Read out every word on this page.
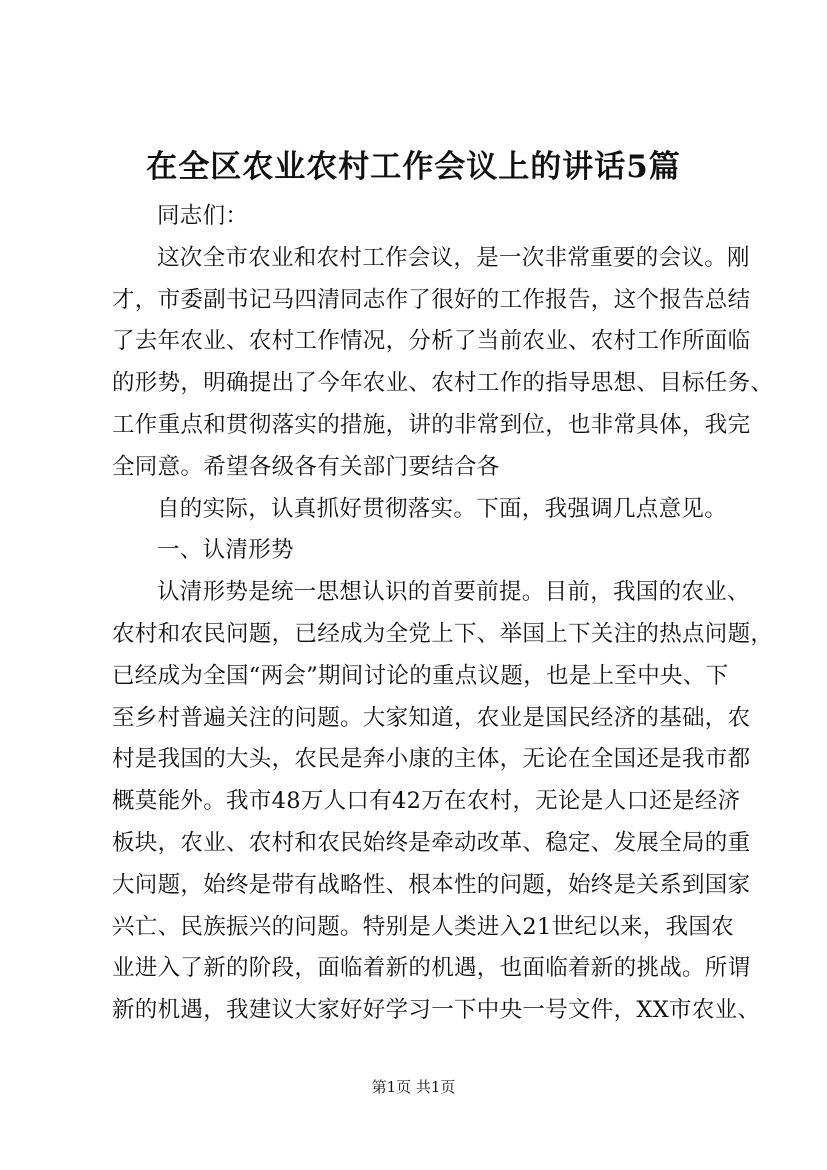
在全区农业农村工作会议上的讲话5篇
同志们：
这次全市农业和农村工作会议，是一次非常重要的会议。刚
才，市委副书记马四清同志作了很好的工作报告，这个报告总结
了去年农业、农村工作情况，分析了当前农业、农村工作所面临
的形势，明确提出了今年农业、农村工作的指导思想、目标任务、
工作重点和贯彻落实的措施，讲的非常到位，也非常具体，我完
全同意。希望各级各有关部门要结合各
自的实际，认真抓好贯彻落实。下面，我强调几点意见。
一、认清形势
认清形势是统一思想认识的首要前提。目前，我国的农业、
农村和农民问题，已经成为全党上下、举国上下关注的热点问题，
已经成为全国“两会”期间讨论的重点议题，也是上至中央、下
至乡村普遍关注的问题。大家知道，农业是国民经济的基础，农
村是我国的大头，农民是奔小康的主体，无论在全国还是我市都
概莫能外。我市48万人口有42万在农村，无论是人口还是经济
板块，农业、农村和农民始终是牵动改革、稳定、发展全局的重
大问题，始终是带有战略性、根本性的问题，始终是关系到国家
兴亡、民族振兴的问题。特别是人类进入21世纪以来，我国农
业进入了新的阶段，面临着新的机遇，也面临着新的挑战。所谓
新的机遇，我建议大家好好学习一下中央一号文件，XX市农业、
第1页 共1页
